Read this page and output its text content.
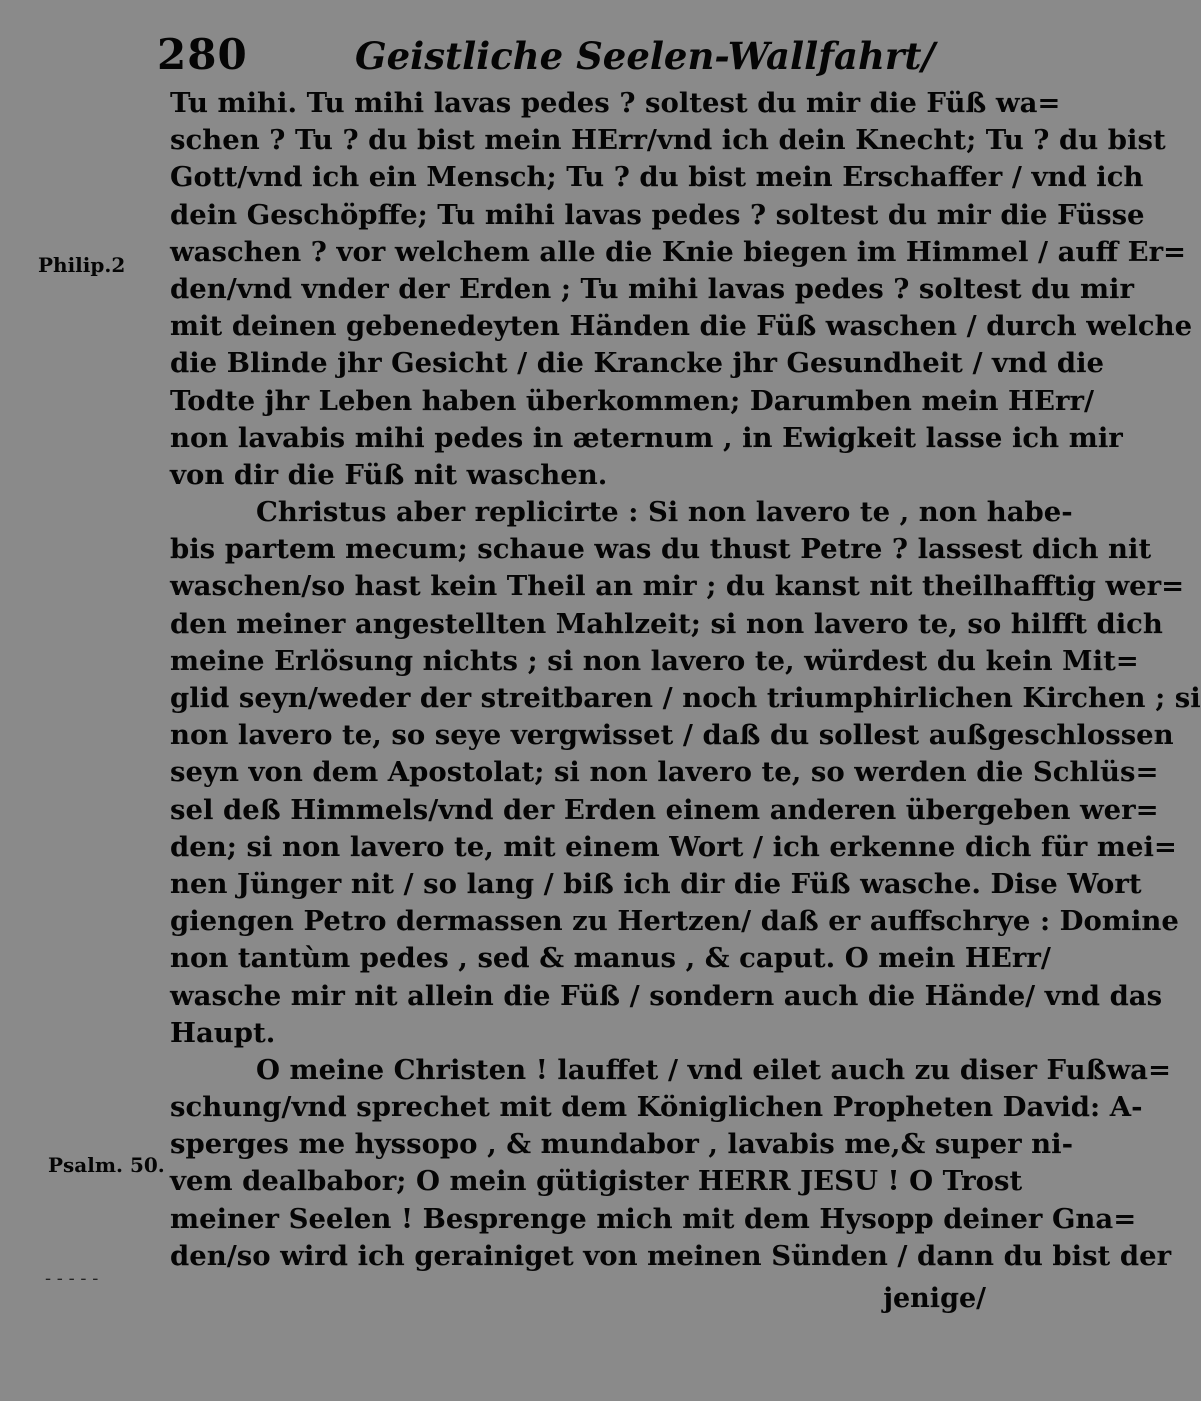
280	Geistliche Seelen-Wallfahrt/
Philip.2
Psalm. 50.
- - - - -
Tu mihi. Tu mihi lavas pedes ? soltest du mir die Füß wa=
schen ? Tu ? du bist mein HErr/vnd ich dein Knecht; Tu ? du bist
Gott/vnd ich ein Mensch; Tu ? du bist mein Erschaffer / vnd ich
dein Geschöpffe; Tu mihi lavas pedes ? soltest du mir die Füsse
waschen ? vor welchem alle die Knie biegen im Himmel / auff Er=
den/vnd vnder der Erden ; Tu mihi lavas pedes ? soltest du mir
mit deinen gebenedeyten Händen die Füß waschen / durch welche
die Blinde jhr Gesicht / die Krancke jhr Gesundheit / vnd die
Todte jhr Leben haben überkommen; Darumben mein HErr/
non lavabis mihi pedes in æternum , in Ewigkeit lasse ich mir
von dir die Füß nit waschen.
Christus aber replicirte : Si non lavero te , non habe-
bis partem mecum; schaue was du thust Petre ? lassest dich nit
waschen/so hast kein Theil an mir ; du kanst nit theilhafftig wer=
den meiner angestellten Mahlzeit; si non lavero te, so hilfft dich
meine Erlösung nichts ; si non lavero te, würdest du kein Mit=
glid seyn/weder der streitbaren / noch triumphirlichen Kirchen ; si
non lavero te, so seye vergwisset / daß du sollest außgeschlossen
seyn von dem Apostolat; si non lavero te, so werden die Schlüs=
sel deß Himmels/vnd der Erden einem anderen übergeben wer=
den; si non lavero te, mit einem Wort / ich erkenne dich für mei=
nen Jünger nit / so lang / biß ich dir die Füß wasche. Dise Wort
giengen Petro dermassen zu Hertzen/ daß er auffschrye : Domine
non tantùm pedes , sed & manus , & caput. O mein HErr/
wasche mir nit allein die Füß / sondern auch die Hände/ vnd das
Haupt.
O meine Christen ! lauffet / vnd eilet auch zu diser Fußwa=
schung/vnd sprechet mit dem Königlichen Propheten David: A-
sperges me hyssopo , & mundabor , lavabis me,& super ni-
vem dealbabor; O mein gütigister HERR JESU ! O Trost
meiner Seelen ! Besprenge mich mit dem Hysopp deiner Gna=
den/so wird ich gerainiget von meinen Sünden / dann du bist der
jenige/
